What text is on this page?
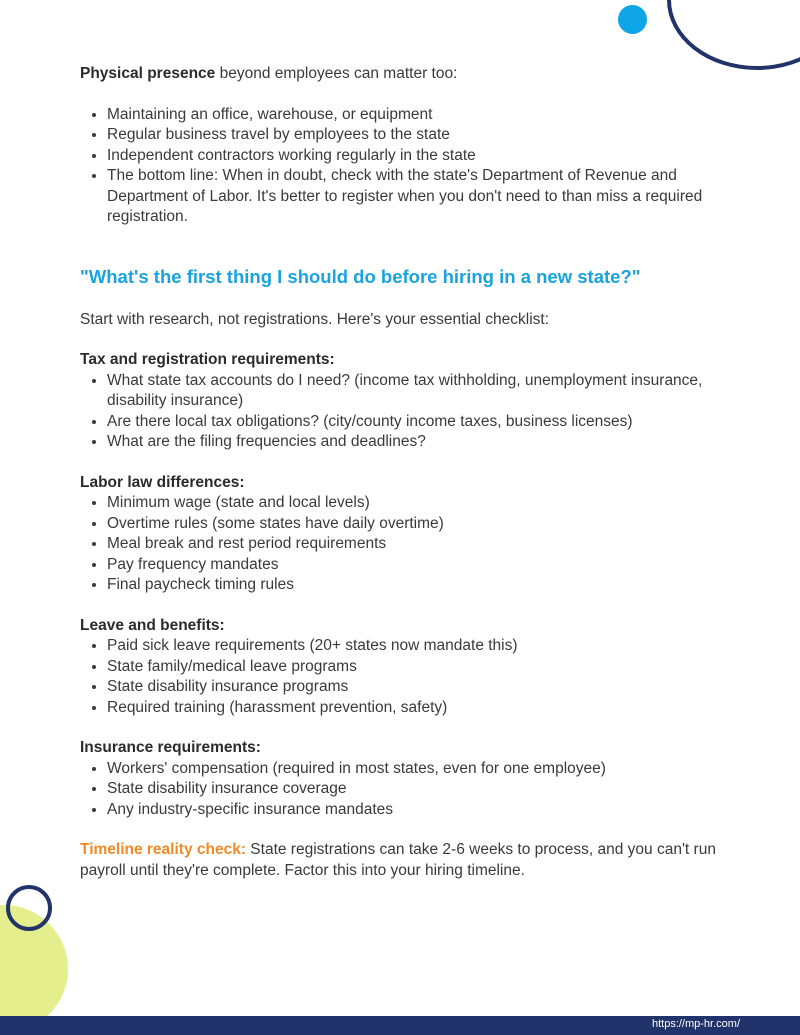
Physical presence beyond employees can matter too:

• Maintaining an office, warehouse, or equipment
• Regular business travel by employees to the state
• Independent contractors working regularly in the state
• The bottom line: When in doubt, check with the state's Department of Revenue and Department of Labor. It's better to register when you don't need to than miss a required registration.
"What's the first thing I should do before hiring in a new state?"

Start with research, not registrations. Here's your essential checklist:

Tax and registration requirements:
• What state tax accounts do I need? (income tax withholding, unemployment insurance, disability insurance)
• Are there local tax obligations? (city/county income taxes, business licenses)
• What are the filing frequencies and deadlines?
Labor law differences:
• Minimum wage (state and local levels)
• Overtime rules (some states have daily overtime)
• Meal break and rest period requirements
• Pay frequency mandates
• Final paycheck timing rules
Leave and benefits:
• Paid sick leave requirements (20+ states now mandate this)
• State family/medical leave programs
• State disability insurance programs
• Required training (harassment prevention, safety)
Insurance requirements:
• Workers' compensation (required in most states, even for one employee)
• State disability insurance coverage
• Any industry-specific insurance mandates

Timeline reality check: State registrations can take 2-6 weeks to process, and you can't run payroll until they're complete. Factor this into your hiring timeline.

https://mp-hr.com/
